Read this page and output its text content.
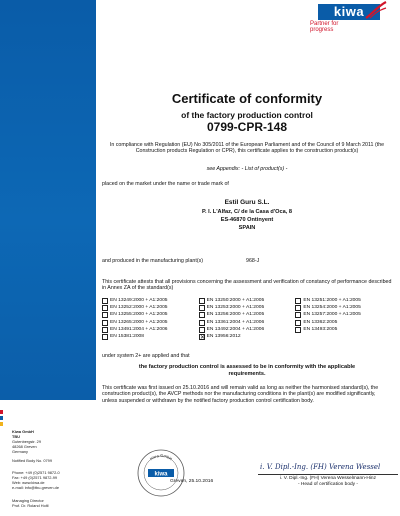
kiwa
Partner for progress
Certificate of conformity
of the factory production control
0799-CPR-148
In compliance with Regulation (EU) No 305/2011 of the European Parliament and of the Council of 9 March 2011 (the Construction products Regulation or CPR), this certificate applies to the construction product(s)
see Appendix: - List of product(s) -
placed on the market under the name or trade mark of
Estil Guru S.L.
P. I. L'Alfaz, C/ de la Casa d'Oca, 8
ES-46870 Ontinyent
SPAIN
and produced in the manufacturing plant(s)	968-J
This certificate attests that all provisions concerning the assessment and verification of constancy of performance described in Annex ZA of the standard(s)
EN 13249:2000 + A1:2005	EN 13250:2000 + A1:2005	EN 13251:2000 + A1:2005
EN 13252:2000 + A1:2005	EN 13253:2000 + A1:2005	EN 13254:2000 + A1:2005
EN 13255:2000 + A1:2005	EN 13256:2000 + A1:2005	EN 13257:2000 + A1:2005
EN 13265:2000 + A1:2005	EN 13361:2004 + A1:2006	EN 13362:2005
EN 13491:2004 + A1:2006	EN 13492:2004 + A1:2006	EN 13493:2005
EN 15381:2008
✕	EN 13956:2012
under system 2+ are applied and that
the factory production control is assessed to be in conformity with the applicable requirements.
This certificate was first issued on 25.10.2016 and will remain valid as long as neither the harmonised standard(s), the construction product(s), the AVCP methods nor the manufacturing conditions in the plant(s) are modified significantly, unless suspended or withdrawn by the notified factory production control certification body.
Kiwa GmbH
TBU
Gutenbergstr. 29
48268 Greven
Germany
Notified Body No. 0799
Phone: +49 (0)2571 9872-0
Fax: +49 (0)2571 9872-99
Web: www.kiwa.de
e-mail: info@tbu-greven.de
Managing Director
Prof. Dr. Roland Holtl
kiwa
Kiwa GmbH
Greven, 25.10.2016
i. V. Dipl.-Ing. (FH) Verena Wessel
i. V. Dipl.-Ing. (FH) Verena Wesselmann-Hinz
- Head of certification body -
